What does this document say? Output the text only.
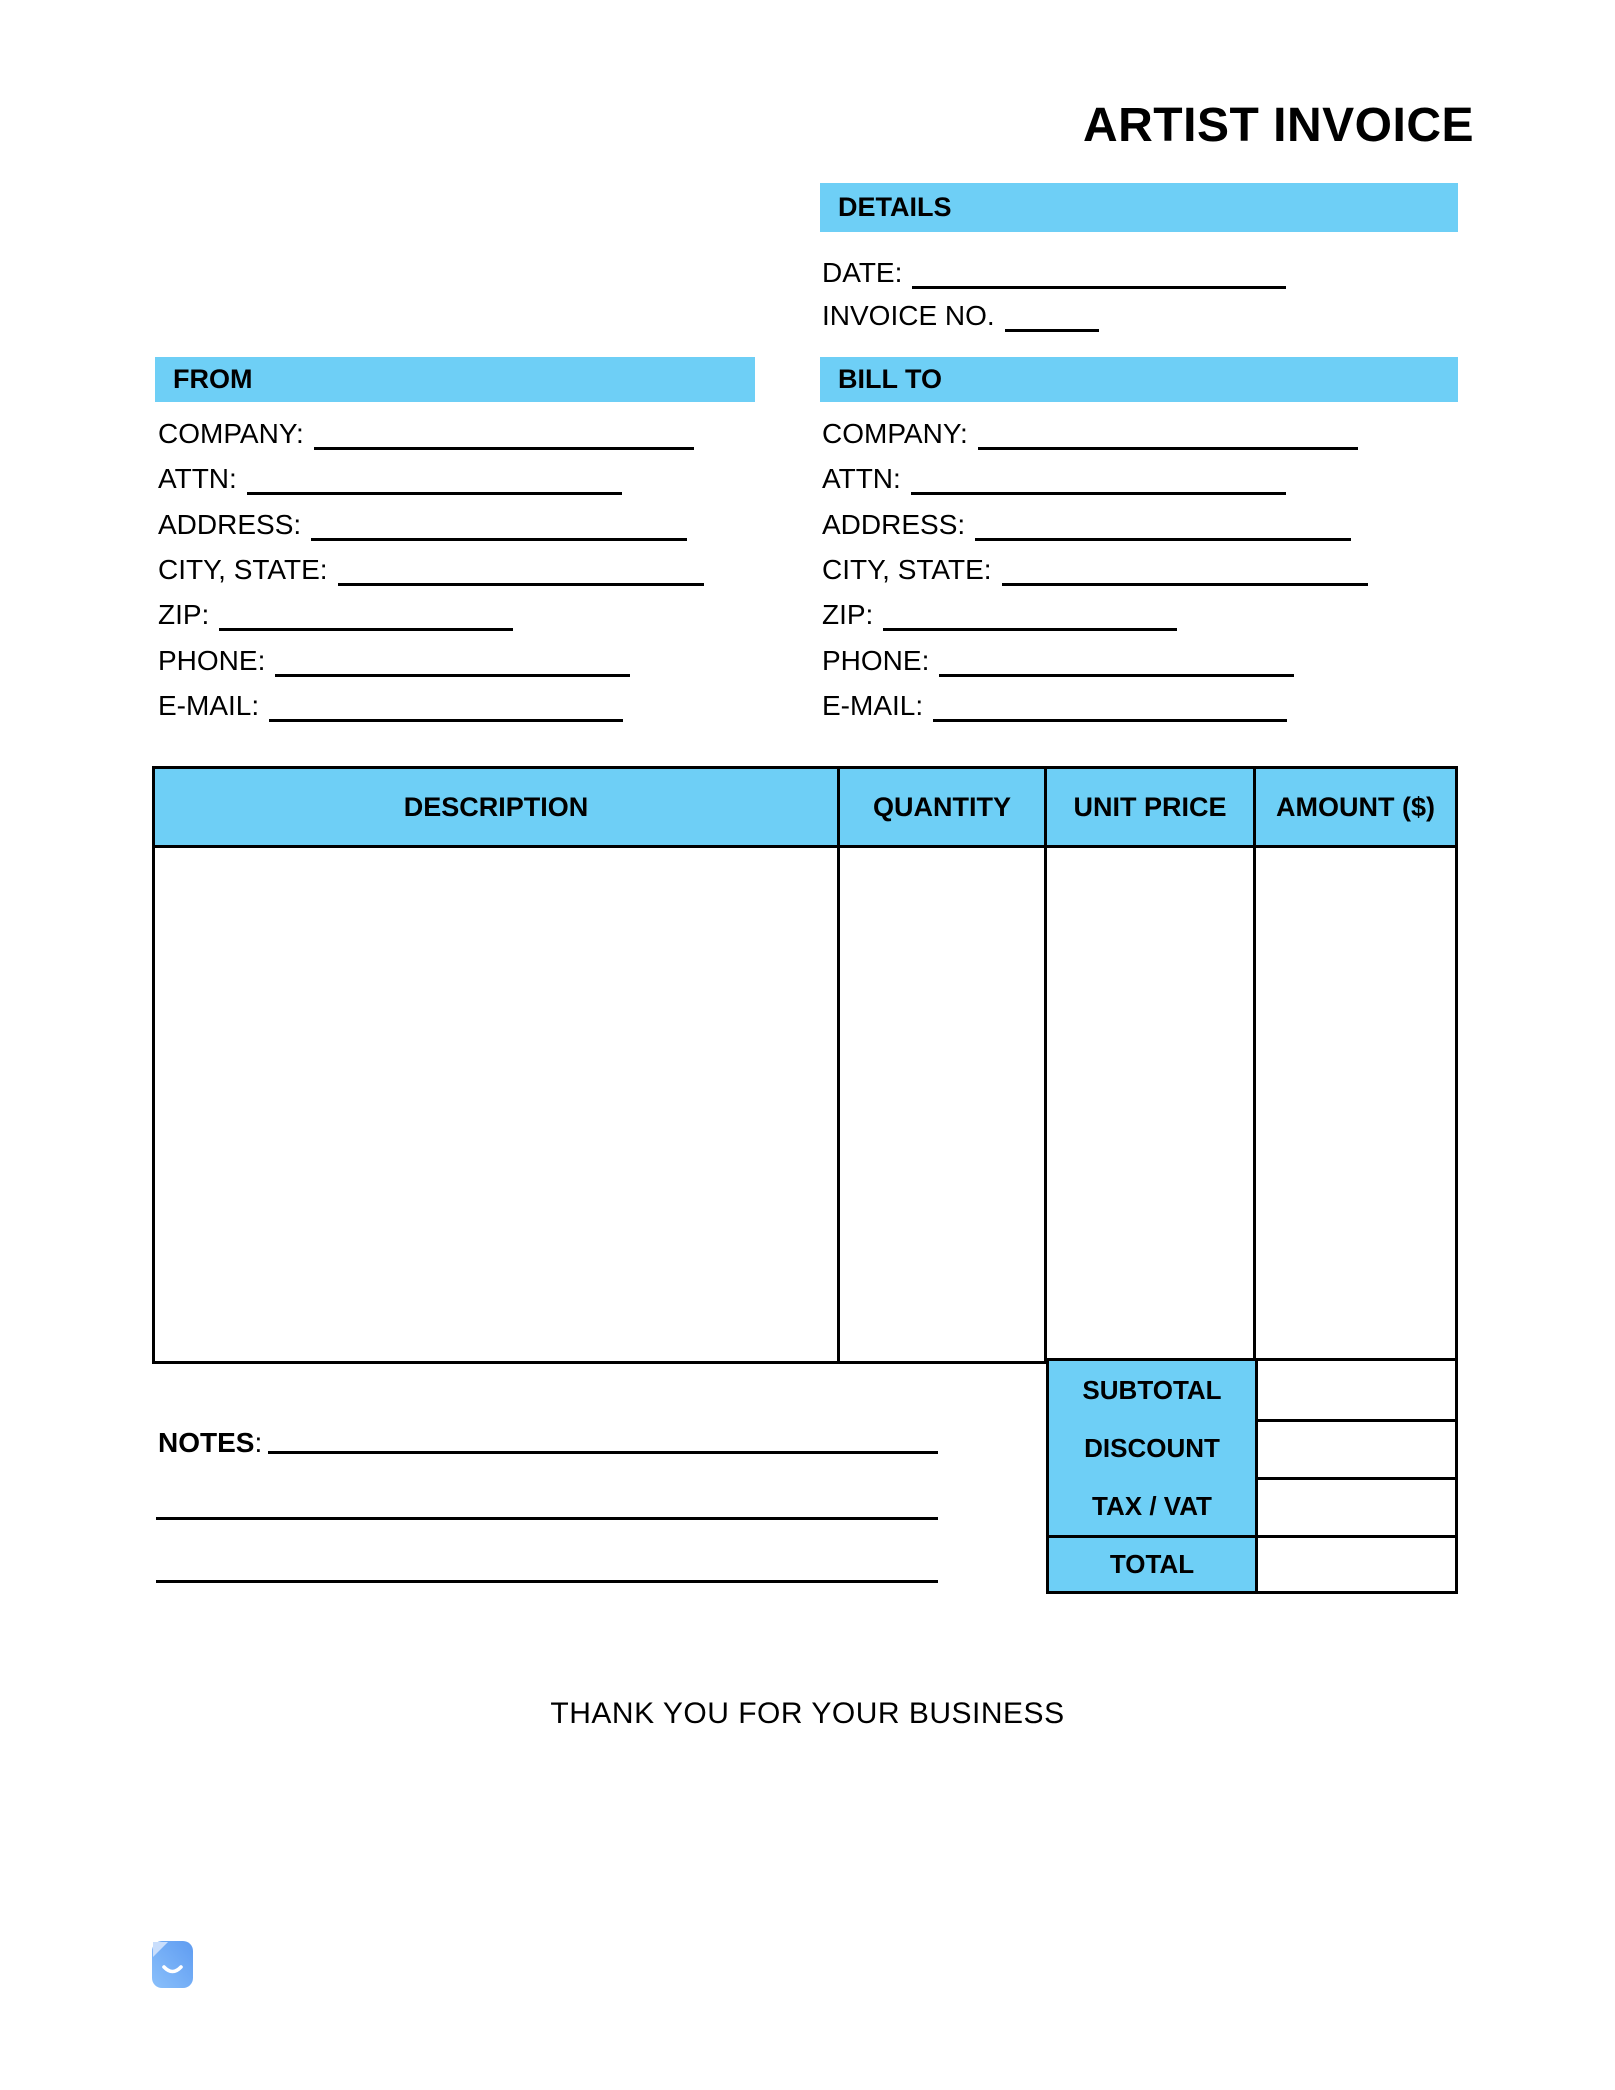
ARTIST INVOICE
DETAILS
DATE:
INVOICE NO.
FROM
COMPANY:
ATTN:
ADDRESS:
CITY, STATE:
ZIP:
PHONE:
E-MAIL:
BILL TO
COMPANY:
ATTN:
ADDRESS:
CITY, STATE:
ZIP:
PHONE:
E-MAIL:
DESCRIPTION	QUANTITY	UNIT PRICE	AMOUNT ($)
SUBTOTAL
DISCOUNT
TAX / VAT
TOTAL
NOTES:
THANK YOU FOR YOUR BUSINESS
